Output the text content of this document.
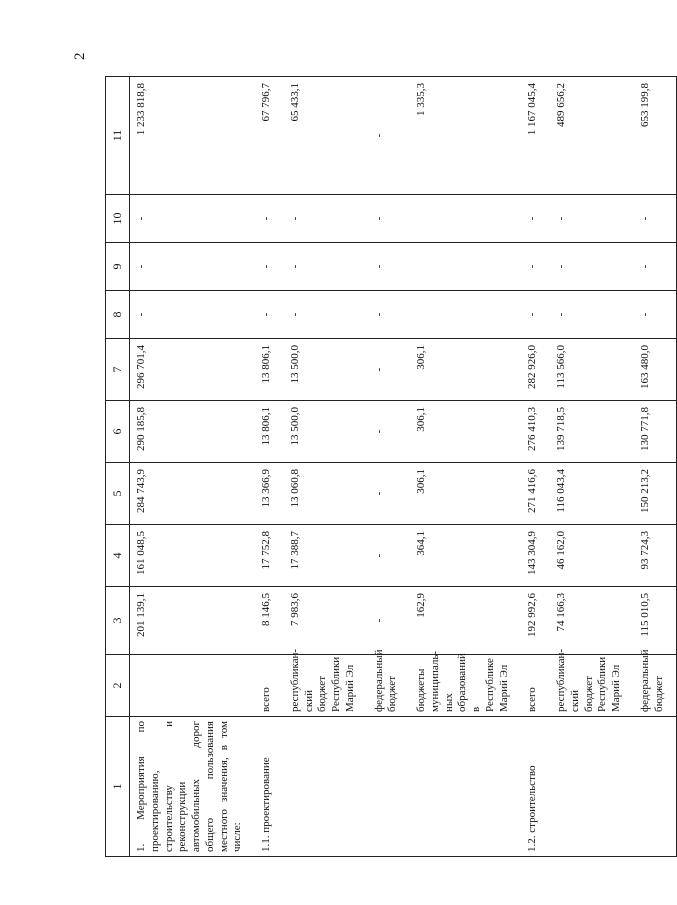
2
1	2	3	4	5	6	7	8	9	10	11
1. Мероприятия по проектированию, строительству и реконструкции автомобильных дорог общего пользования местного значения, в том числе:		201 139,1	161 048,5	284 743,9	290 185,8	296 701,4	-	-	-	1 233 818,8
1.1. проектирование	всего	8 146,5	17 752,8	13 366,9	13 806,1	13 806,1	-	-	-	67 796,7
	республикан-ский бюджет Республики Марий Эл	7 983,6	17 388,7	13 060,8	13 500,0	13 500,0	-	-	-	65 433,1
	федеральный бюджет	-	-	-	-	-	-	-	-	-
	бюджеты муниципаль-ных образований в Республике Марий Эл	162,9	364,1	306,1	306,1	306,1				1 335,3
1.2. строительство	всего	192 992,6	143 304,9	271 416,6	276 410,3	282 926,0	-	-	-	1 167 045,4
	республикан-ский бюджет Республики Марий Эл	74 166,3	46 162,0	116 043,4	139 718,5	113 566,0	-	-	-	489 656,2
	федеральный бюджет	115 010,5	93 724,3	150 213,2	130 771,8	163 480,0	-	-	-	653 199,8
